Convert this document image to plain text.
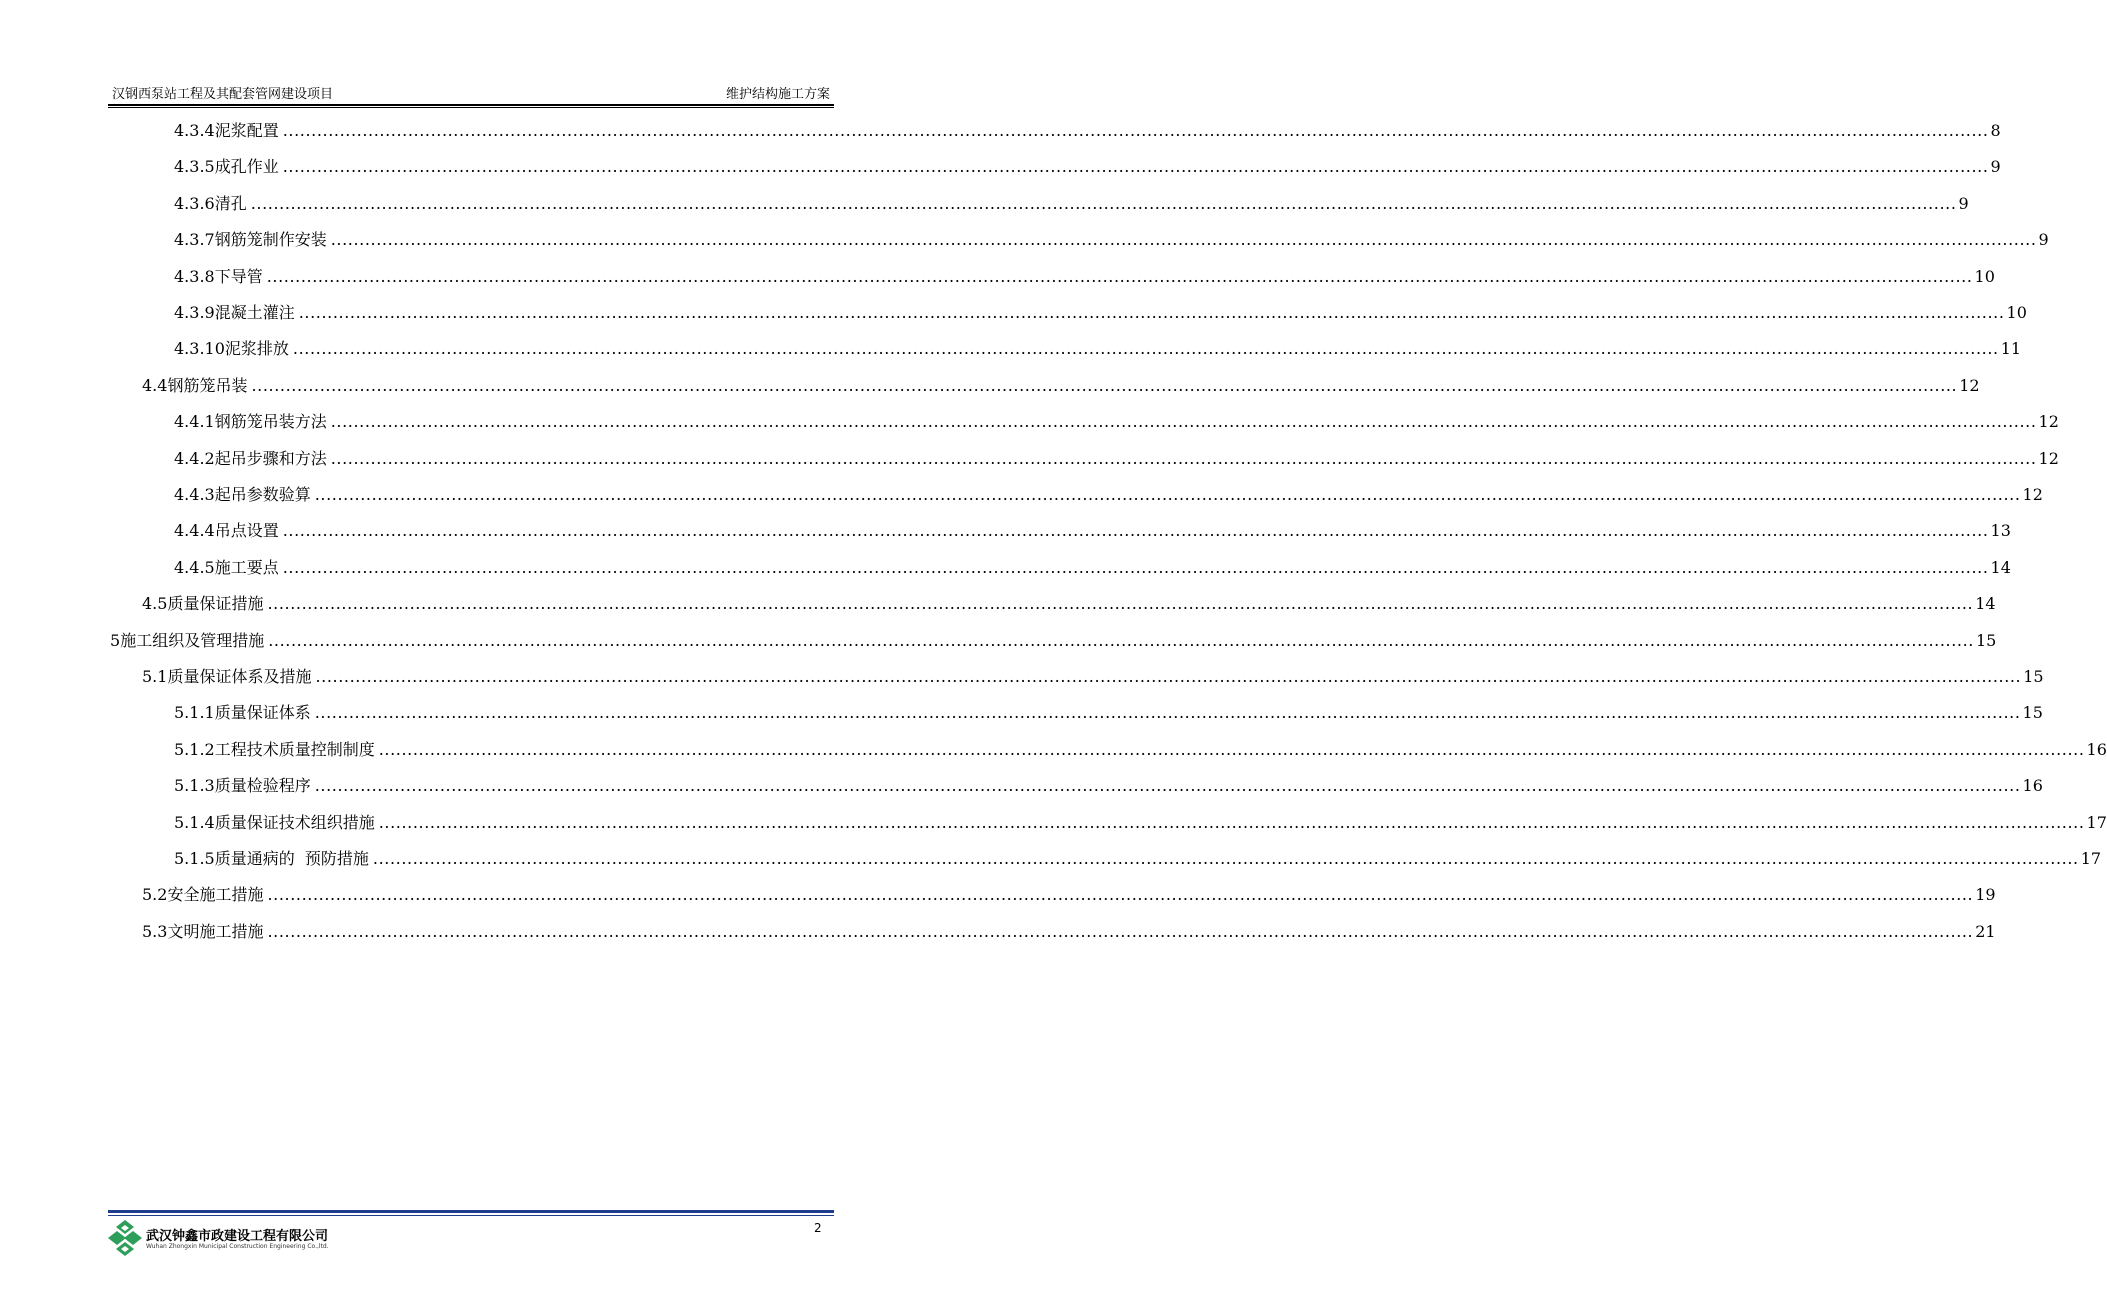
汉钢西泵站工程及其配套管网建设项目	维护结构施工方案
4.3.4 泥浆配置 ............................................................................................................................................................................................................................................................................................................ 8
4.3.5 成孔作业 ............................................................................................................................................................................................................................................................................................................ 9
4.3.6 清孔 ............................................................................................................................................................................................................................................................................................................ 9
4.3.7 钢筋笼制作安装 ............................................................................................................................................................................................................................................................................................................ 9
4.3.8 下导管 ............................................................................................................................................................................................................................................................................................................ 10
4.3.9 混凝土灌注 ............................................................................................................................................................................................................................................................................................................ 10
4.3.10 泥浆排放 ............................................................................................................................................................................................................................................................................................................ 11
4.4 钢筋笼吊装 ............................................................................................................................................................................................................................................................................................................ 12
4.4.1 钢筋笼吊装方法 ............................................................................................................................................................................................................................................................................................................ 12
4.4.2 起吊步骤和方法 ............................................................................................................................................................................................................................................................................................................ 12
4.4.3 起吊参数验算 ............................................................................................................................................................................................................................................................................................................ 12
4.4.4 吊点设置 ............................................................................................................................................................................................................................................................................................................ 13
4.4.5 施工要点 ............................................................................................................................................................................................................................................................................................................ 14
4.5 质量保证措施 ............................................................................................................................................................................................................................................................................................................ 14
5 施工组织及管理措施 ............................................................................................................................................................................................................................................................................................................ 15
5.1 质量保证体系及措施 ............................................................................................................................................................................................................................................................................................................ 15
5.1.1 质量保证体系 ............................................................................................................................................................................................................................................................................................................ 15
5.1.2 工程技术质量控制制度 ............................................................................................................................................................................................................................................................................................................ 16
5.1.3 质量检验程序 ............................................................................................................................................................................................................................................................................................................ 16
5.1.4 质量保证技术组织措施 ............................................................................................................................................................................................................................................................................................................ 17
5.1.5 质量通病的  预防措施 ............................................................................................................................................................................................................................................................................................................ 17
5.2 安全施工措施 ............................................................................................................................................................................................................................................................................................................ 19
5.3 文明施工措施 ............................................................................................................................................................................................................................................................................................................ 21
武汉钟鑫市政建设工程有限公司
Wuhan Zhongxin Municipal Construction Engineering Co.,ltd.
2
